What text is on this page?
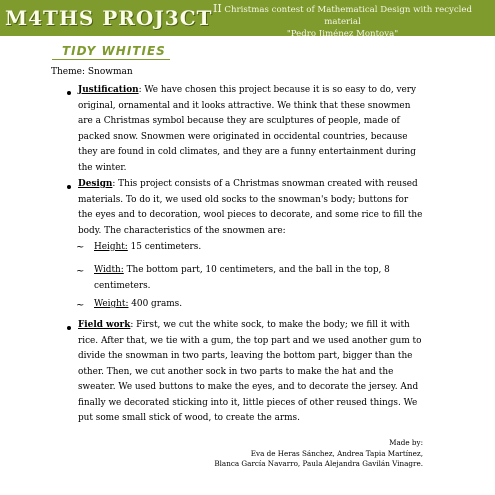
M4THS PROJ3CT II Christmas contest of Mathematical Design with recycled material
"Pedro Jiménez Montoya"
TIDY WHITIES
Theme: Snowman
Justification: We have chosen this project because it is so easy to do, very original, ornamental and it looks attractive. We think that these snowmen are a Christmas symbol because they are sculptures of people, made of packed snow. Snowmen were originated in occidental countries, because they are found in cold climates, and they are a funny entertainment during the winter.
Design: This project consists of a Christmas snowman created with reused materials. To do it, we used old socks to the snowman's body; buttons for the eyes and to decoration, wool pieces to decorate, and some rice to fill the body. The characteristics of the snowmen are:
~ Height: 15 centimeters.
~ Width: The bottom part, 10 centimeters, and the ball in the top, 8 centimeters.
~ Weight: 400 grams.
Field work: First, we cut the white sock, to make the body; we fill it with rice. After that, we tie with a gum, the top part and we used another gum to divide the snowman in two parts, leaving the bottom part, bigger than the other. Then, we cut another sock in two parts to make the hat and the sweater. We used buttons to make the eyes, and to decorate the jersey. And finally we decorated sticking into it, little pieces of other reused things. We put some small stick of wood, to create the arms.
Made by:
Eva de Heras Sánchez, Andrea Tapia Martínez,
Blanca García Navarro, Paula Alejandra Gavilán Vinagre.
